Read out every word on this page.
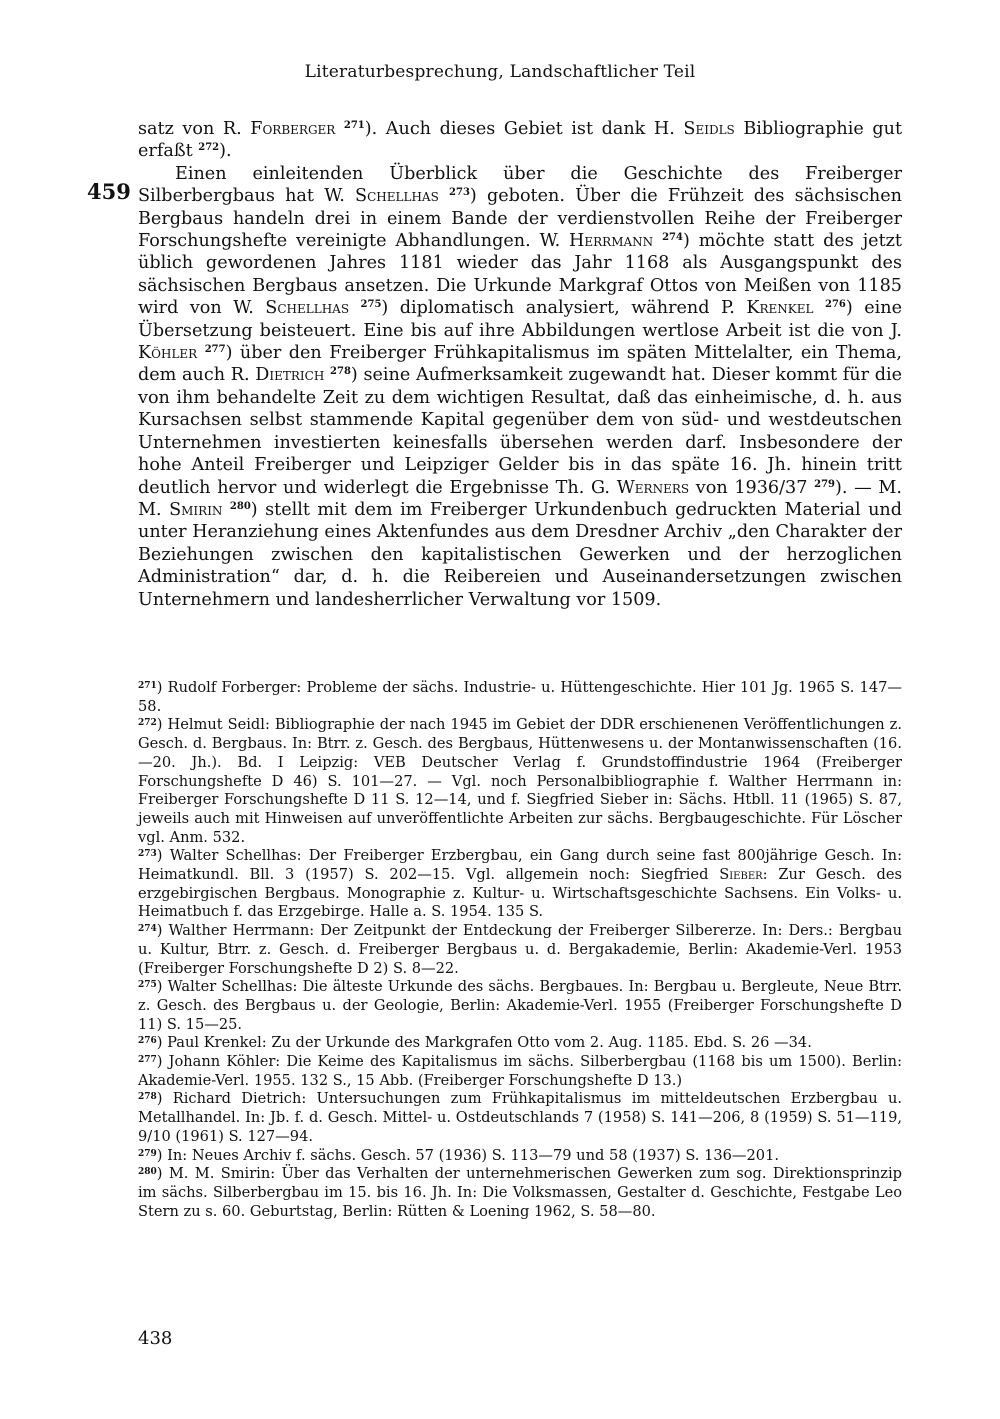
Literaturbesprechung, Landschaftlicher Teil
459

satz von R. Forberger $^{271}$). Auch dieses Gebiet ist dank H. Seidls Bibliographie gut erfaßt $^{272}$).

Einen einleitenden Überblick über die Geschichte des Freiberger Silberbergbaus hat W. Schellhas $^{273}$) geboten. Über die Frühzeit des sächsischen Bergbaus handeln drei in einem Bande der verdienstvollen Reihe der Freiberger Forschungshefte vereinigte Abhandlungen. W. Herrmann $^{274}$) möchte statt des jetzt üblich gewordenen Jahres 1181 wieder das Jahr 1168 als Ausgangspunkt des sächsischen Bergbaus ansetzen. Die Urkunde Markgraf Ottos von Meißen von 1185 wird von W. Schellhas $^{275}$) diplomatisch analysiert, während P. Krenkel $^{276}$) eine Übersetzung beisteuert. Eine bis auf ihre Abbildungen wertlose Arbeit ist die von J. Köhler $^{277}$) über den Freiberger Frühkapitalismus im späten Mittelalter, ein Thema, dem auch R. Dietrich $^{278}$) seine Aufmerksamkeit zugewandt hat. Dieser kommt für die von ihm behandelte Zeit zu dem wichtigen Resultat, daß das einheimische, d. h. aus Kursachsen selbst stammende Kapital gegenüber dem von süd- und westdeutschen Unternehmen investierten keinesfalls übersehen werden darf. Insbesondere der hohe Anteil Freiberger und Leipziger Gelder bis in das späte 16. Jh. hinein tritt deutlich hervor und widerlegt die Ergebnisse Th. G. Werners von 1936/37 $^{279}$). — M. M. Smirin $^{280}$) stellt mit dem im Freiberger Urkundenbuch gedruckten Material und unter Heranziehung eines Aktenfundes aus dem Dresdner Archiv „den Charakter der Beziehungen zwischen den kapitalistischen Gewerken und der herzoglichen Administration“ dar, d. h. die Reibereien und Auseinandersetzungen zwischen Unternehmern und landesherrlicher Verwaltung vor 1509.

$^{271}$) Rudolf Forberger: Probleme der sächs. Industrie- u. Hüttengeschichte. Hier 101 Jg. 1965 S. 147—58.

$^{272}$) Helmut Seidl: Bibliographie der nach 1945 im Gebiet der DDR erschienenen Veröffentlichungen z. Gesch. d. Bergbaus. In: Btrr. z. Gesch. des Bergbaus, Hüttenwesens u. der Montanwissenschaften (16.—20. Jh.). Bd. I Leipzig: VEB Deutscher Verlag f. Grundstoffindustrie 1964 (Freiberger Forschungshefte D 46) S. 101—27. — Vgl. noch Personalbibliographie f. Walther Herrmann in: Freiberger Forschungshefte D 11 S. 12—14, und f. Siegfried Sieber in: Sächs. Htbll. 11 (1965) S. 87, jeweils auch mit Hinweisen auf unveröffentlichte Arbeiten zur sächs. Bergbaugeschichte. Für Löscher vgl. Anm. 532.

$^{273}$) Walter Schellhas: Der Freiberger Erzbergbau, ein Gang durch seine fast 800jährige Gesch. In: Heimatkundl. Bll. 3 (1957) S. 202—15. Vgl. allgemein noch: Siegfried Sieber: Zur Gesch. des erzgebirgischen Bergbaus. Monographie z. Kultur- u. Wirtschaftsgeschichte Sachsens. Ein Volks- u. Heimatbuch f. das Erzgebirge. Halle a. S. 1954. 135 S.

$^{274}$) Walther Herrmann: Der Zeitpunkt der Entdeckung der Freiberger Silbererze. In: Ders.: Bergbau u. Kultur, Btrr. z. Gesch. d. Freiberger Bergbaus u. d. Bergakademie, Berlin: Akademie-Verl. 1953 (Freiberger Forschungshefte D 2) S. 8—22.

$^{275}$) Walter Schellhas: Die älteste Urkunde des sächs. Bergbaues. In: Bergbau u. Bergleute, Neue Btrr. z. Gesch. des Bergbaus u. der Geologie, Berlin: Akademie-Verl. 1955 (Freiberger Forschungshefte D 11) S. 15—25.

$^{276}$) Paul Krenkel: Zu der Urkunde des Markgrafen Otto vom 2. Aug. 1185. Ebd. S. 26 —34.

$^{277}$) Johann Köhler: Die Keime des Kapitalismus im sächs. Silberbergbau (1168 bis um 1500). Berlin: Akademie-Verl. 1955. 132 S., 15 Abb. (Freiberger Forschungshefte D 13.)

$^{278}$) Richard Dietrich: Untersuchungen zum Frühkapitalismus im mitteldeutschen Erzbergbau u. Metallhandel. In: Jb. f. d. Gesch. Mittel- u. Ostdeutschlands 7 (1958) S. 141—206, 8 (1959) S. 51—119, 9/10 (1961) S. 127—94.

$^{279}$) In: Neues Archiv f. sächs. Gesch. 57 (1936) S. 113—79 und 58 (1937) S. 136—201.

$^{280}$) M. M. Smirin: Über das Verhalten der unternehmerischen Gewerken zum sog. Direktionsprinzip im sächs. Silberbergbau im 15. bis 16. Jh. In: Die Volksmassen, Gestalter d. Geschichte, Festgabe Leo Stern zu s. 60. Geburtstag, Berlin: Rütten & Loening 1962, S. 58—80.

438
